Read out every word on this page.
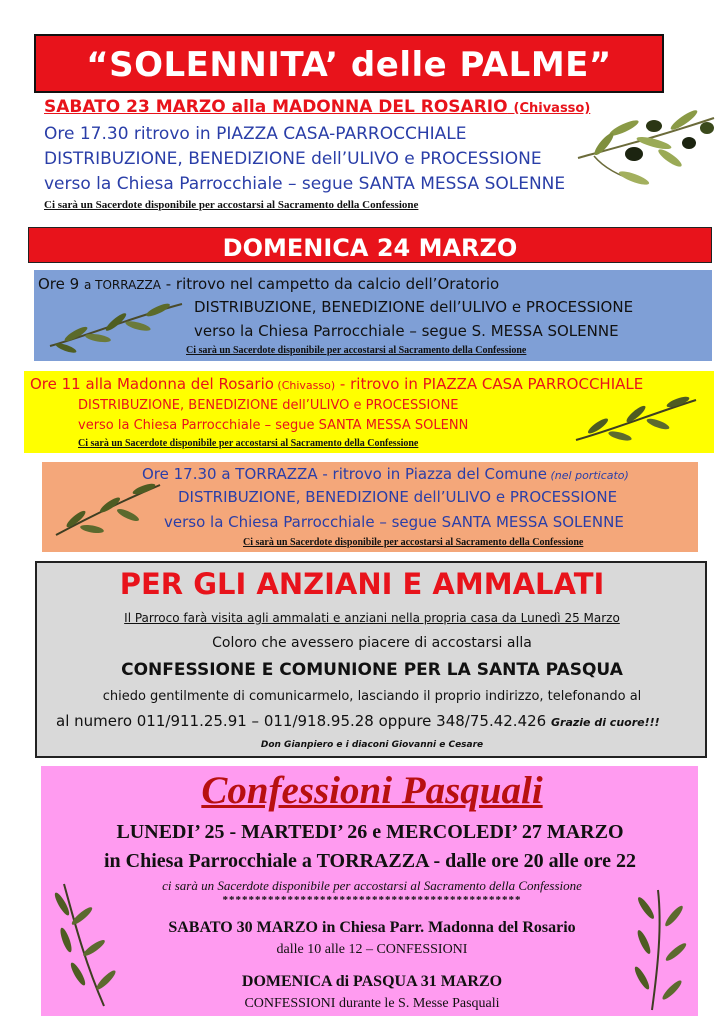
“SOLENNITA’ delle PALME”
SABATO 23 MARZO alla MADONNA DEL ROSARIO (Chivasso)
Ore 17.30 ritrovo in PIAZZA CASA-PARROCCHIALE
DISTRIBUZIONE, BENEDIZIONE dell’ULIVO e PROCESSIONE
verso la Chiesa Parrocchiale – segue SANTA MESSA SOLENNE
Ci sarà un Sacerdote disponibile per accostarsi al Sacramento della Confessione
DOMENICA 24 MARZO
Ore 9 a TORRAZZA - ritrovo nel campetto da calcio dell’Oratorio
DISTRIBUZIONE, BENEDIZIONE dell’ULIVO e PROCESSIONE
verso la Chiesa Parrocchiale – segue S. MESSA SOLENNE
Ci sarà un Sacerdote disponibile per accostarsi al Sacramento della Confessione
Ore 11 alla Madonna del Rosario (Chivasso) - ritrovo in PIAZZA CASA PARROCCHIALE
DISTRIBUZIONE, BENEDIZIONE dell’ULIVO e PROCESSIONE
verso la Chiesa Parrocchiale – segue SANTA MESSA SOLENN
Ci sarà un Sacerdote disponibile per accostarsi al Sacramento della Confessione
Ore 17.30 a TORRAZZA - ritrovo in Piazza del Comune (nel porticato)
DISTRIBUZIONE, BENEDIZIONE dell’ULIVO e PROCESSIONE
verso la Chiesa Parrocchiale – segue SANTA MESSA SOLENNE
Ci sarà un Sacerdote disponibile per accostarsi al Sacramento della Confessione
PER GLI ANZIANI E AMMALATI
Il Parroco farà visita agli ammalati e anziani nella propria casa da Lunedì 25 Marzo
Coloro che avessero piacere di accostarsi alla
CONFESSIONE E COMUNIONE PER LA SANTA PASQUA
chiedo gentilmente di comunicarmelo, lasciando il proprio indirizzo, telefonando al
al numero 011/911.25.91 – 011/918.95.28 oppure 348/75.42.426 Grazie di cuore!!!
Don Gianpiero e i diaconi Giovanni e Cesare
Confessioni Pasquali
LUNEDI’ 25 - MARTEDI’ 26 e MERCOLEDI’ 27 MARZO
in Chiesa Parrocchiale a TORRAZZA - dalle ore 20 alle ore 22
ci sarà un Sacerdote disponibile per accostarsi al Sacramento della Confessione
**********************************************
SABATO 30 MARZO in Chiesa Parr. Madonna del Rosario
dalle 10 alle 12 – CONFESSIONI
DOMENICA di PASQUA 31 MARZO
CONFESSIONI durante le S. Messe Pasquali
